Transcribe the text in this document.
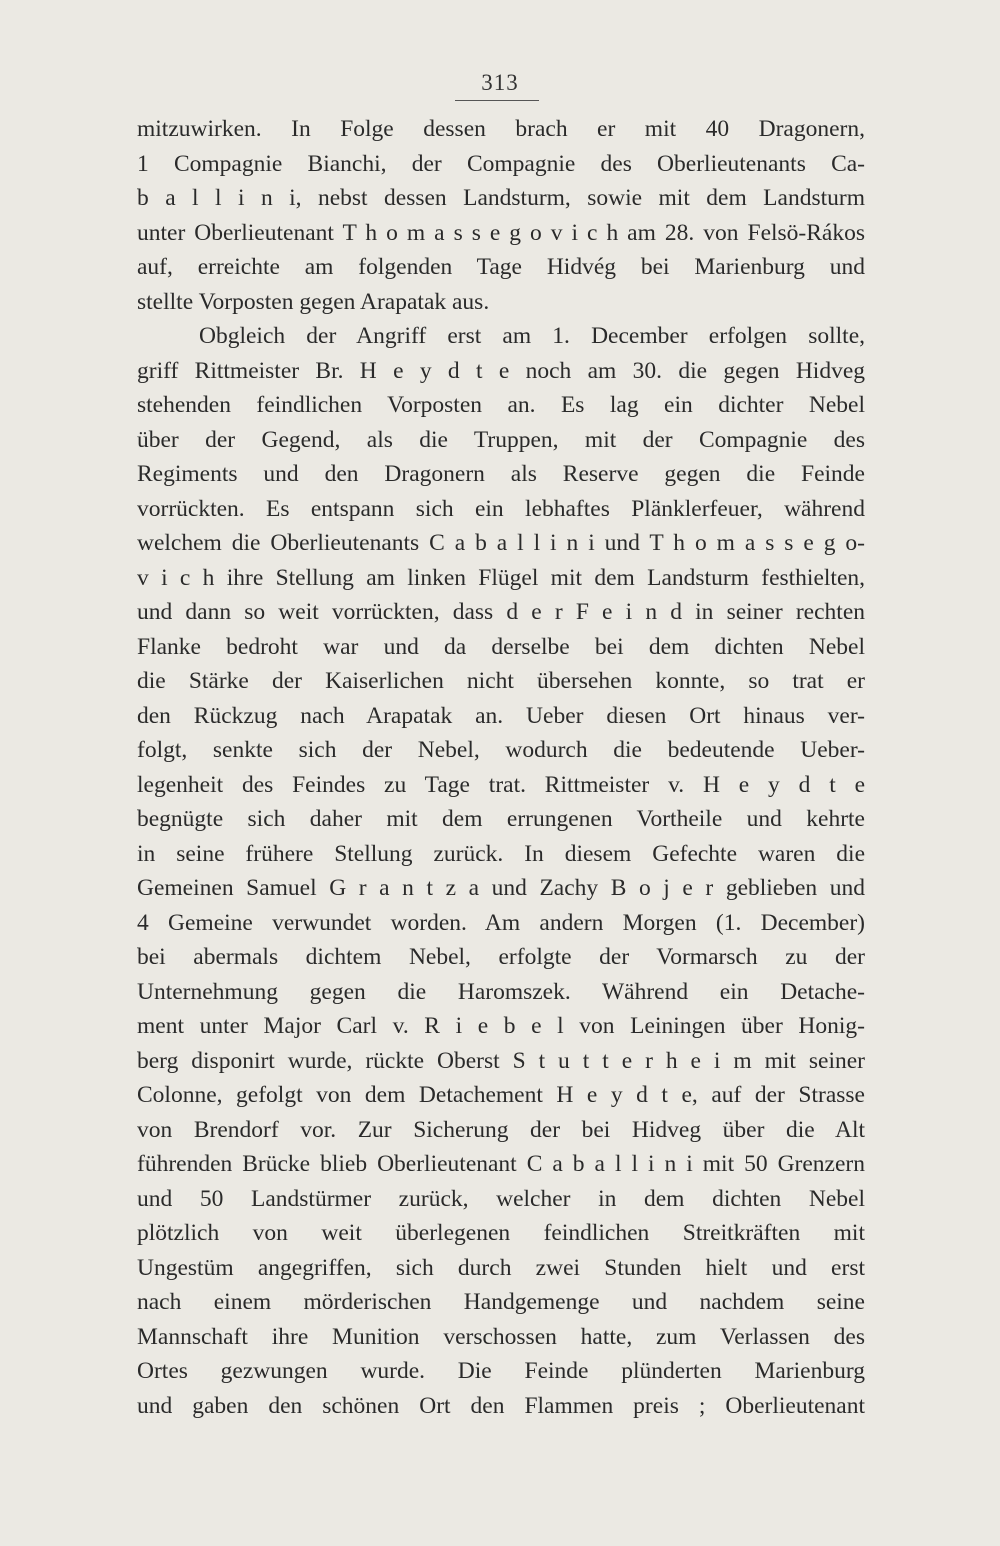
313
mitzuwirken. In Folge dessen brach er mit 40 Dragonern,
1 Compagnie Bianchi, der Compagnie des Oberlieutenants Ca-
b a l l i n i, nebst dessen Landsturm, sowie mit dem Landsturm
unter Oberlieutenant T h o m a s s e g o v i c h am 28. von Felsö-Rákos
auf, erreichte am folgenden Tage Hidvég bei Marienburg und
stellte Vorposten gegen Arapatak aus.
Obgleich der Angriff erst am 1. December erfolgen sollte,
griff Rittmeister Br. H e y d t e noch am 30. die gegen Hidveg
stehenden feindlichen Vorposten an. Es lag ein dichter Nebel
über der Gegend, als die Truppen, mit der Compagnie des
Regiments und den Dragonern als Reserve gegen die Feinde
vorrückten. Es entspann sich ein lebhaftes Plänklerfeuer, während
welchem die Oberlieutenants C a b a l l i n i und T h o m a s s e g o-
v i c h ihre Stellung am linken Flügel mit dem Landsturm festhielten,
und dann so weit vorrückten, dass d e r F e i n d in seiner rechten
Flanke bedroht war und da derselbe bei dem dichten Nebel
die Stärke der Kaiserlichen nicht übersehen konnte, so trat er
den Rückzug nach Arapatak an. Ueber diesen Ort hinaus ver-
folgt, senkte sich der Nebel, wodurch die bedeutende Ueber-
legenheit des Feindes zu Tage trat. Rittmeister v. H e y d t e
begnügte sich daher mit dem errungenen Vortheile und kehrte
in seine frühere Stellung zurück. In diesem Gefechte waren die
Gemeinen Samuel G r a n t z a und Zachy B o j e r geblieben und
4 Gemeine verwundet worden. Am andern Morgen (1. December)
bei abermals dichtem Nebel, erfolgte der Vormarsch zu der
Unternehmung gegen die Haromszek. Während ein Detache-
ment unter Major Carl v. R i e b e l von Leiningen über Honig-
berg disponirt wurde, rückte Oberst S t u t t e r h e i m mit seiner
Colonne, gefolgt von dem Detachement H e y d t e, auf der Strasse
von Brendorf vor. Zur Sicherung der bei Hidveg über die Alt
führenden Brücke blieb Oberlieutenant C a b a l l i n i mit 50 Grenzern
und 50 Landstürmer zurück, welcher in dem dichten Nebel
plötzlich von weit überlegenen feindlichen Streitkräften mit
Ungestüm angegriffen, sich durch zwei Stunden hielt und erst
nach einem mörderischen Handgemenge und nachdem seine
Mannschaft ihre Munition verschossen hatte, zum Verlassen des
Ortes gezwungen wurde. Die Feinde plünderten Marienburg
und gaben den schönen Ort den Flammen preis ; Oberlieutenant
